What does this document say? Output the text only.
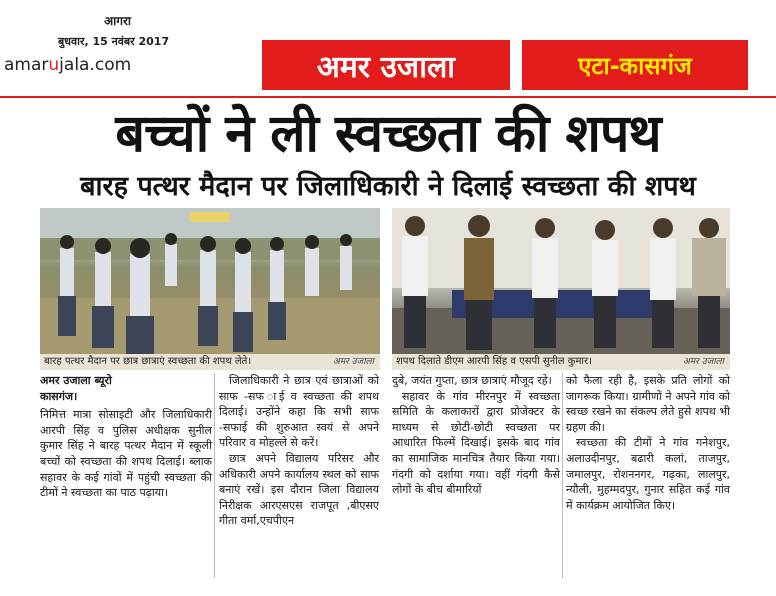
आगरा
बुधवार, 15 नवंबर 2017
amarujala.com	अमर उजाला	एटा-कासगंज
बच्चों ने ली स्वच्छता की शपथ
बारह पत्थर मैदान पर जिलाधिकारी ने दिलाई स्वच्छता की शपथ
बारह पत्थर मैदान पर छात्र छात्राएं स्वच्छता की शपथ लेते।	अमर उजाला	शपथ दिलाते डीएम आरपी सिंह व एसपी सुनील कुमार।	अमर उजाला

अमर उजाला ब्यूरो

कासगंज।

निमित्त मात्रा सोसाइटी और जिलाधिकारी आरपी सिंह व पुलिस अधीक्षक सुनील कुमार सिंह ने बारह पत्थर मैदान में स्कूली बच्चों को स्वच्छता की शपथ दिलाई। ब्लाक सहावर के कई गांवों में पहुंची स्वच्छता की टीमों ने स्वच्छता का पाठ पढ़ाया।

जिलाधिकारी ने छात्र एवं छात्राओं को साफ -सफ ाई व स्वच्छता की शपथ दिलाई। उन्होंने कहा कि सभी साफ -सफाई की शुरुआत स्वयं से अपने परिवार व मोहल्ले से करें।

छात्र अपने विद्यालय परिसर और अधिकारी अपने कार्यालय स्थल को साफ बनाएं रखें। इस दौरान जिला विद्यालय निरीक्षक आरएसएस राजपूत ,बीएसए गीता वर्मा,एचपीएन

दुबे, जयंत गुप्ता, छात्र छात्राएं मौजूद रहे।

सहावर के गांव मीरनपुर में स्वच्छता समिति के कलाकारों द्वारा प्रोजेक्टर के माध्यम से छोटी-छोटी स्वच्छता पर आधारित फिल्में दिखाई। इसके बाद गांव का सामाजिक मानचित्र तैयार किया गया। गंदगी को दर्शाया गया। वहीं गंदगी कैसे लोगों के बीच बीमारियों

को फैला रही है, इसके प्रति लोगों को जागरूक किया। ग्रामीणों ने अपने गांव को स्वच्छ रखने का संकल्प लेते हुसे शपथ भी ग्रहण की।

स्वच्छता की टीमों ने गांव गनेशपुर, अलाउदीनपुर, बढारी कलां, ताजपुर, जमालपुर, रोशननगर, गढ़का, लालपुर, न्यौली, मुहम्मदपुर, गुनार सहित कई गांव में कार्यक्रम आयोजित किए।
